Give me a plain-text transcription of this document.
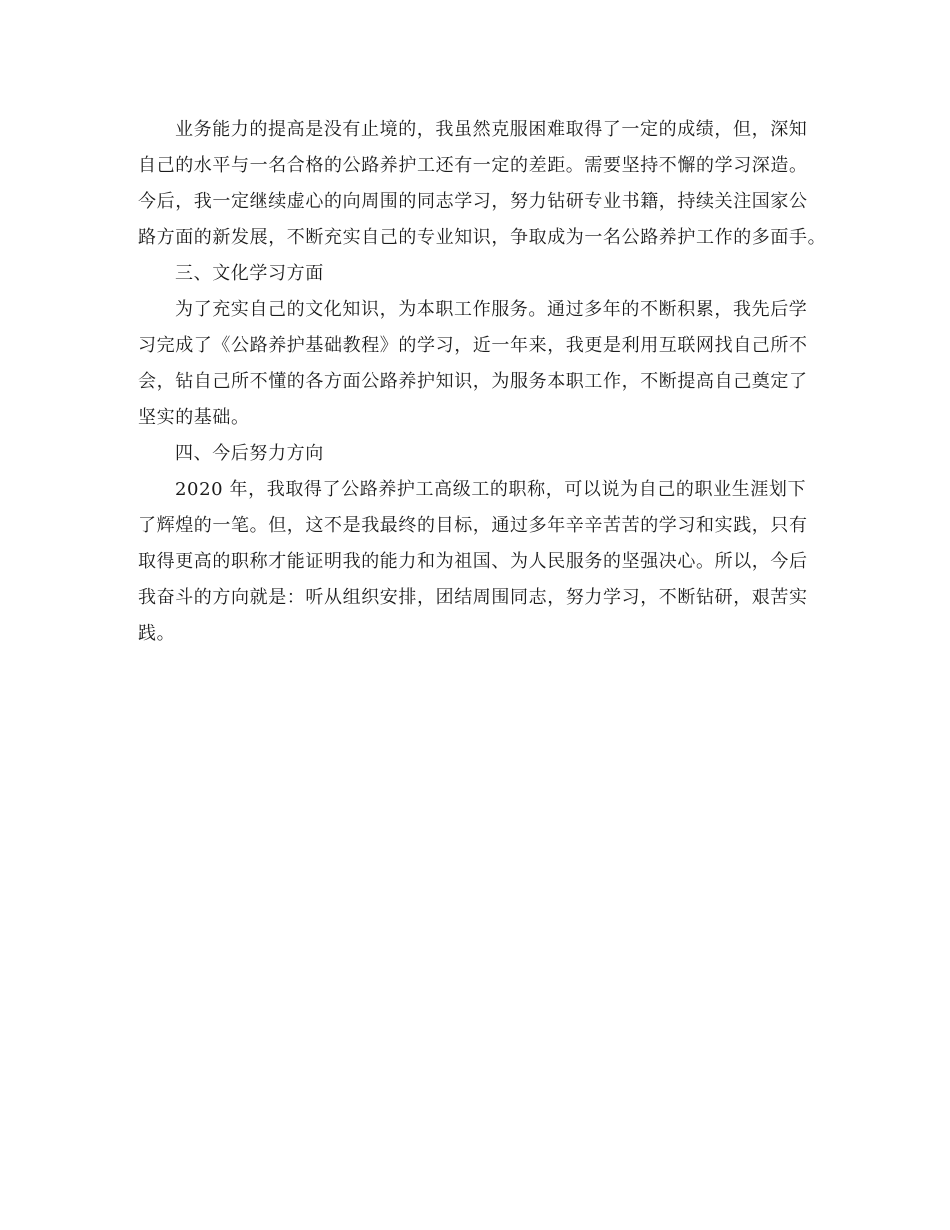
业务能力的提高是没有止境的，我虽然克服困难取得了一定的成绩，但，深知
自己的水平与一名合格的公路养护工还有一定的差距。需要坚持不懈的学习深造。
今后，我一定继续虚心的向周围的同志学习，努力钻研专业书籍，持续关注国家公
路方面的新发展，不断充实自己的专业知识，争取成为一名公路养护工作的多面手。
三、文化学习方面
为了充实自己的文化知识，为本职工作服务。通过多年的不断积累，我先后学
习完成了《公路养护基础教程》的学习，近一年来，我更是利用互联网找自己所不
会，钻自己所不懂的各方面公路养护知识，为服务本职工作，不断提高自己奠定了
坚实的基础。
四、今后努力方向
2020 年，我取得了公路养护工高级工的职称，可以说为自己的职业生涯划下
了辉煌的一笔。但，这不是我最终的目标，通过多年辛辛苦苦的学习和实践，只有
取得更高的职称才能证明我的能力和为祖国、为人民服务的坚强决心。所以，今后
我奋斗的方向就是：听从组织安排，团结周围同志，努力学习，不断钻研，艰苦实
践。
